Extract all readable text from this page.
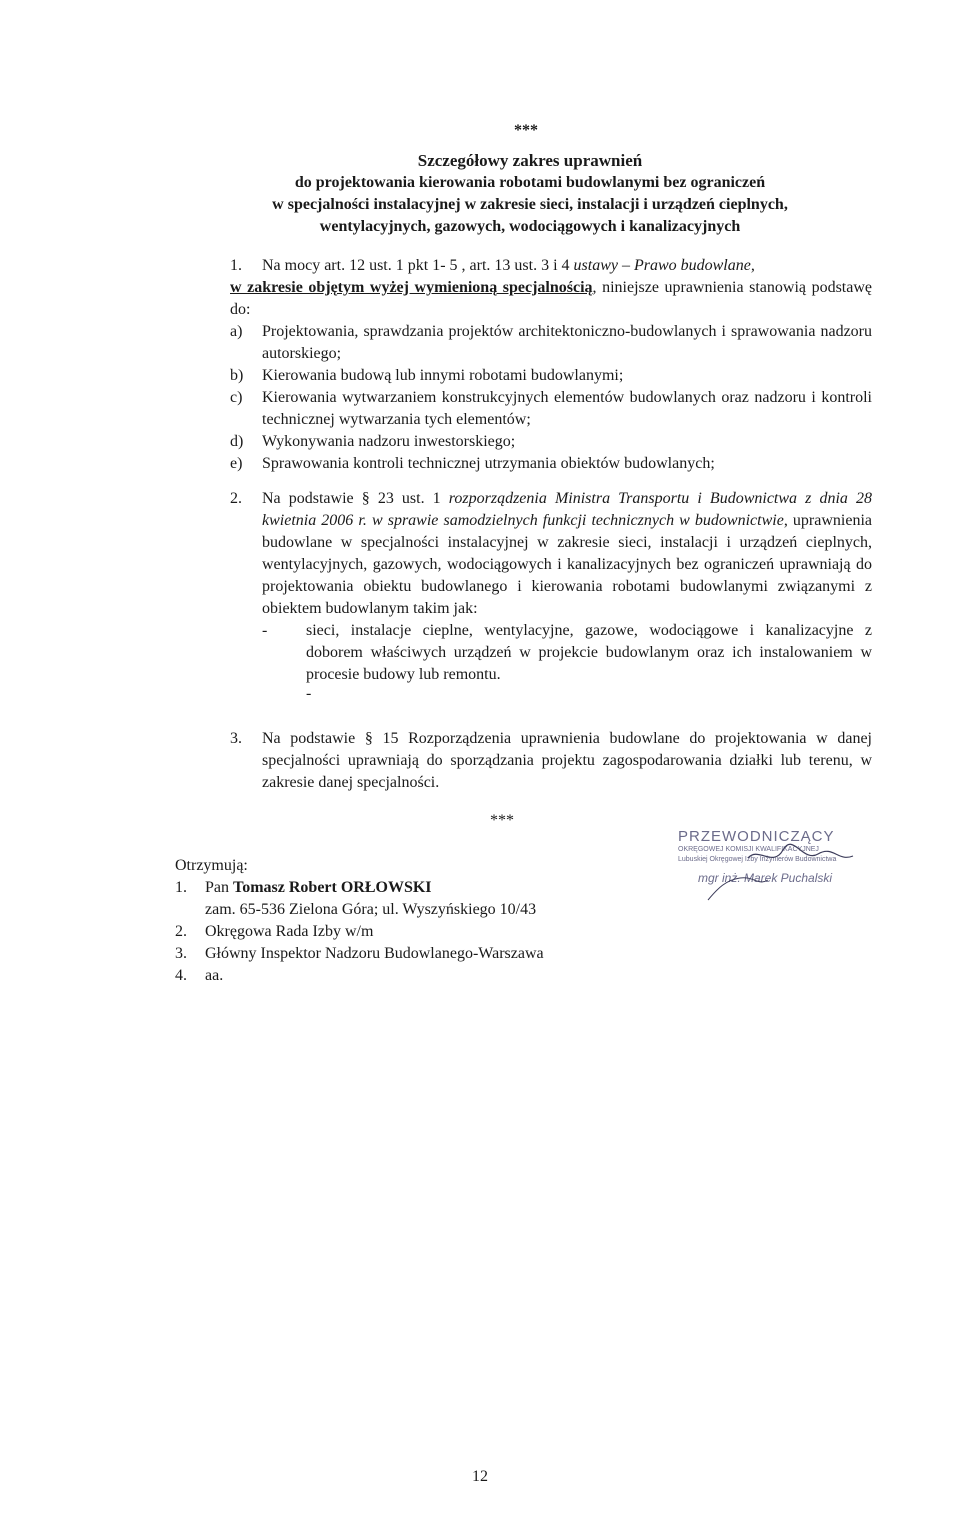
***
Szczegółowy zakres uprawnień
do projektowania kierowania robotami budowlanymi bez ograniczeń
w specjalności instalacyjnej w zakresie sieci, instalacji i urządzeń cieplnych,
wentylacyjnych, gazowych, wodociągowych i kanalizacyjnych
1. Na mocy art. 12 ust. 1 pkt 1- 5 , art. 13 ust. 3 i 4 ustawy – Prawo budowlane,
w zakresie objętym wyżej wymienioną specjalnością, niniejsze uprawnienia stanowią podstawę do:
a) Projektowania, sprawdzania projektów architektoniczno-budowlanych i sprawowania nadzoru autorskiego;
b) Kierowania budową lub innymi robotami budowlanymi;
c) Kierowania wytwarzaniem konstrukcyjnych elementów budowlanych oraz nadzoru i kontroli technicznej wytwarzania tych elementów;
d) Wykonywania nadzoru inwestorskiego;
e) Sprawowania kontroli technicznej utrzymania obiektów budowlanych;
2. Na podstawie § 23 ust. 1 rozporządzenia Ministra Transportu i Budownictwa z dnia 28 kwietnia 2006 r. w sprawie samodzielnych funkcji technicznych w budownictwie, uprawnienia budowlane w specjalności instalacyjnej w zakresie sieci, instalacji i urządzeń cieplnych, wentylacyjnych, gazowych, wodociągowych i kanalizacyjnych bez ograniczeń uprawniają do projektowania obiektu budowlanego i kierowania robotami budowlanymi związanymi z obiektem budowlanym takim jak:
- sieci, instalacje cieplne, wentylacyjne, gazowe, wodociągowe i kanalizacyjne z doborem właściwych urządzeń w projekcie budowlanym oraz ich instalowaniem w procesie budowy lub remontu.
-
3. Na podstawie § 15 Rozporządzenia uprawnienia budowlane do projektowania w danej specjalności uprawniają do sporządzania projektu zagospodarowania działki lub terenu, w zakresie danej specjalności.
***
PRZEWODNICZĄCY
OKRĘGOWEJ KOMISJI KWALIFIKACYJNEJ
Lubuskiej Okręgowej Izby Inżynierów Budownictwa
mgr inż. Marek Puchalski
Otrzymują:
1. Pan Tomasz Robert ORŁOWSKI
zam. 65-536 Zielona Góra; ul. Wyszyńskiego 10/43
2. Okręgowa Rada Izby w/m
3. Główny Inspektor Nadzoru Budowlanego-Warszawa
4. aa.
12
